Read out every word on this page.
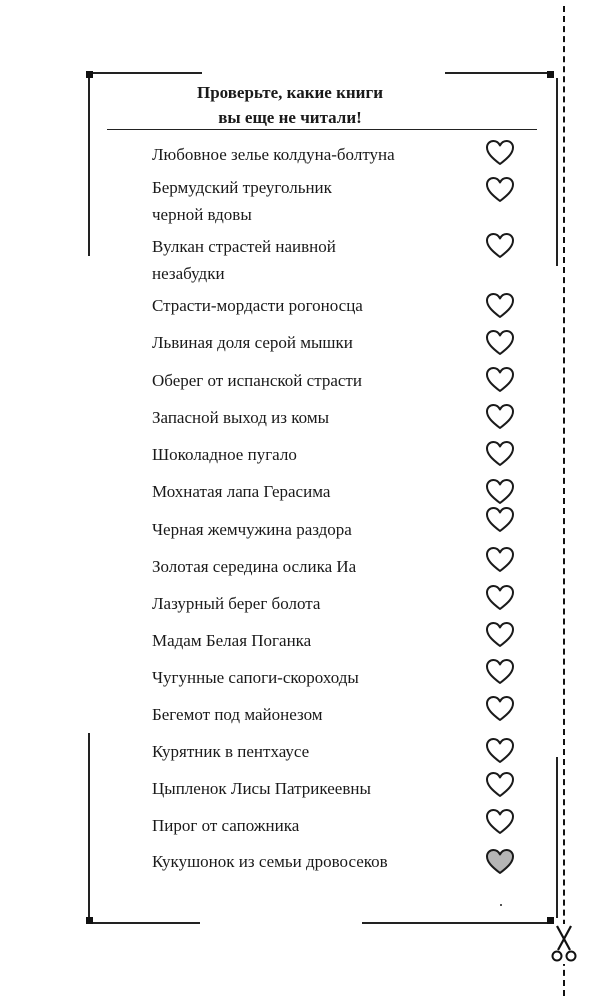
Проверьте, какие книги
вы еще не читали!
Любовное зелье колдуна-болтуна
Бермудский треугольник черной вдовы
Вулкан страстей наивной незабудки
Страсти-мордасти рогоносца
Львиная доля серой мышки
Оберег от испанской страсти
Запасной выход из комы
Шоколадное пугало
Мохнатая лапа Герасима
Черная жемчужина раздора
Золотая середина ослика Иа
Лазурный берег болота
Мадам Белая Поганка
Чугунные сапоги-скороходы
Бегемот под майонезом
Курятник в пентхаусе
Цыпленок Лисы Патрикеевны
Пирог от сапожника
Кукушонок из семьи дровосеков
